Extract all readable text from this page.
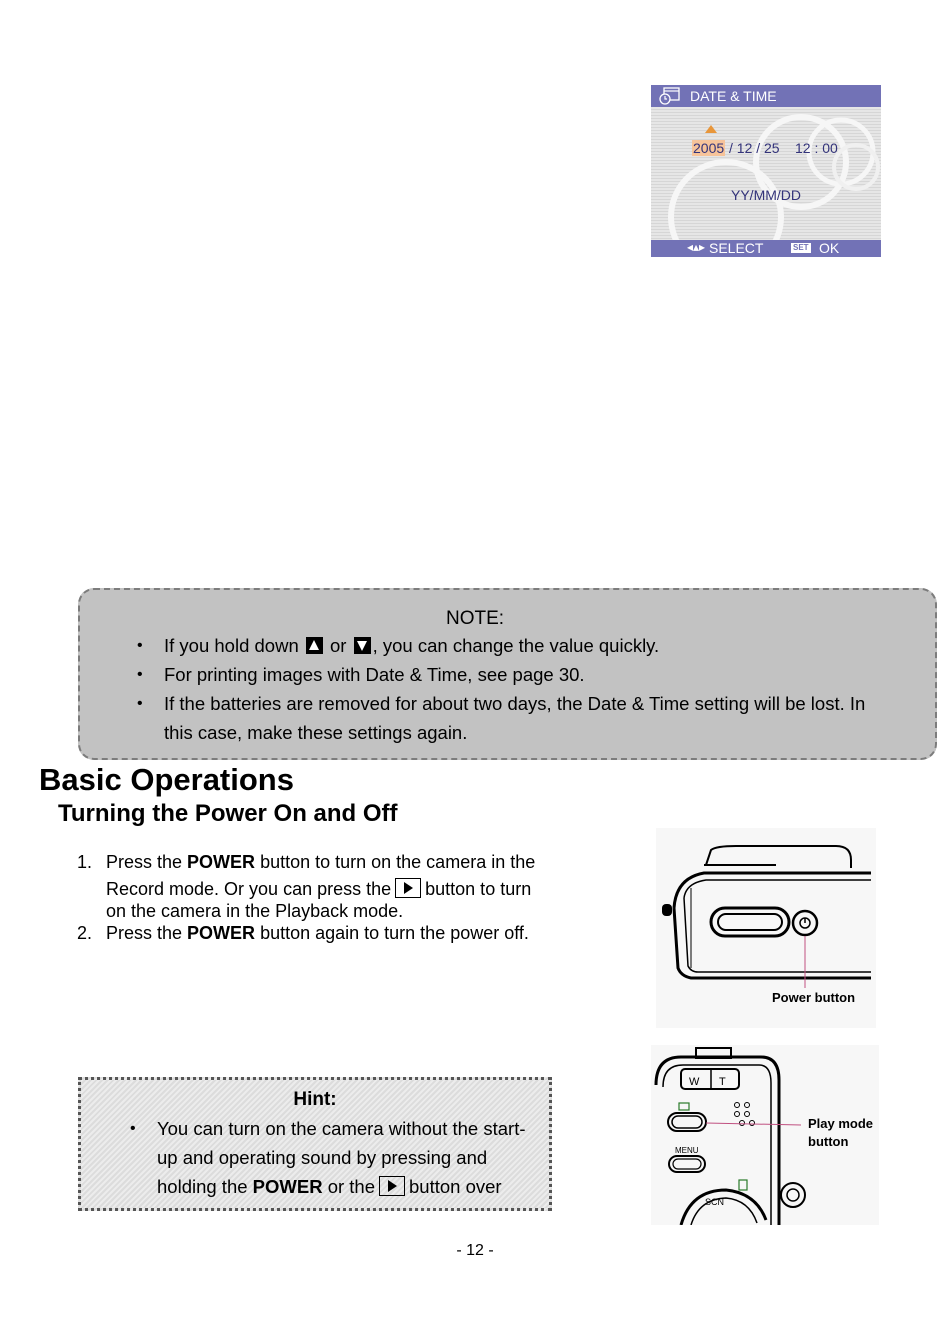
DATE & TIME
2005 / 12 / 25 12 : 00
YY/MM/DD
◂▴▸ SELECT	SET OK
NOTE:
• If you hold down or , you can change the value quickly.
• For printing images with Date & Time, see page 30.
• If the batteries are removed for about two days, the Date & Time setting will be lost. In
this case, make these settings again.
Basic Operations
Turning the Power On and Off
1. Press the POWER button to turn on the camera in the
Record mode. Or you can press the button to turn
on the camera in the Playback mode.
2. Press the POWER button again to turn the power off.
Power button
W T
MENU
SCN
Play mode
button
Hint:
• You can turn on the camera without the start-
up and operating sound by pressing and
holding the POWER or the button over
- 12 -
